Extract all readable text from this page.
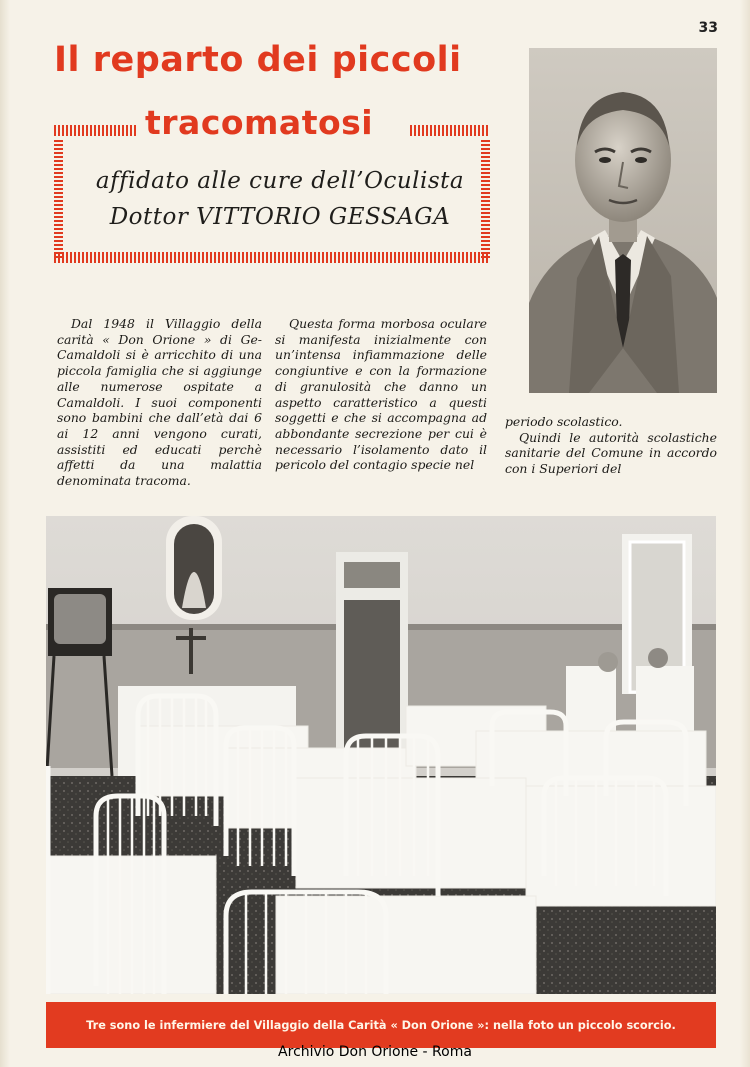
33
Il reparto dei piccoli
tracomatosi
affidato alle cure dell’Oculista
Dottor VITTORIO GESSAGA

Dal 1948 il Villaggio della carità « Don Orione » di Ge-Camaldoli si è arricchito di una piccola famiglia che si aggiunge alle numerose ospitate a Camaldoli. I suoi componenti sono bambini che dall’età dai 6 ai 12 anni vengono curati, assistiti ed educati perchè affetti da una malattia denominata tracoma.

Questa forma morbosa oculare si manifesta inizialmente con un’intensa infiammazione delle congiuntive e con la formazione di granulosità che danno un aspetto caratteristico a questi soggetti e che si accompagna ad abbondante secrezione per cui è necessario l’isolamento dato il pericolo del contagio specie nel

periodo scolastico.

Quindi le autorità scolastiche sanitarie del Comune in accordo con i Superiori del

Tre sono le infermiere del Villaggio della Carità « Don Orione »: nella foto un piccolo scorcio.
Archivio Don Orione - Roma
